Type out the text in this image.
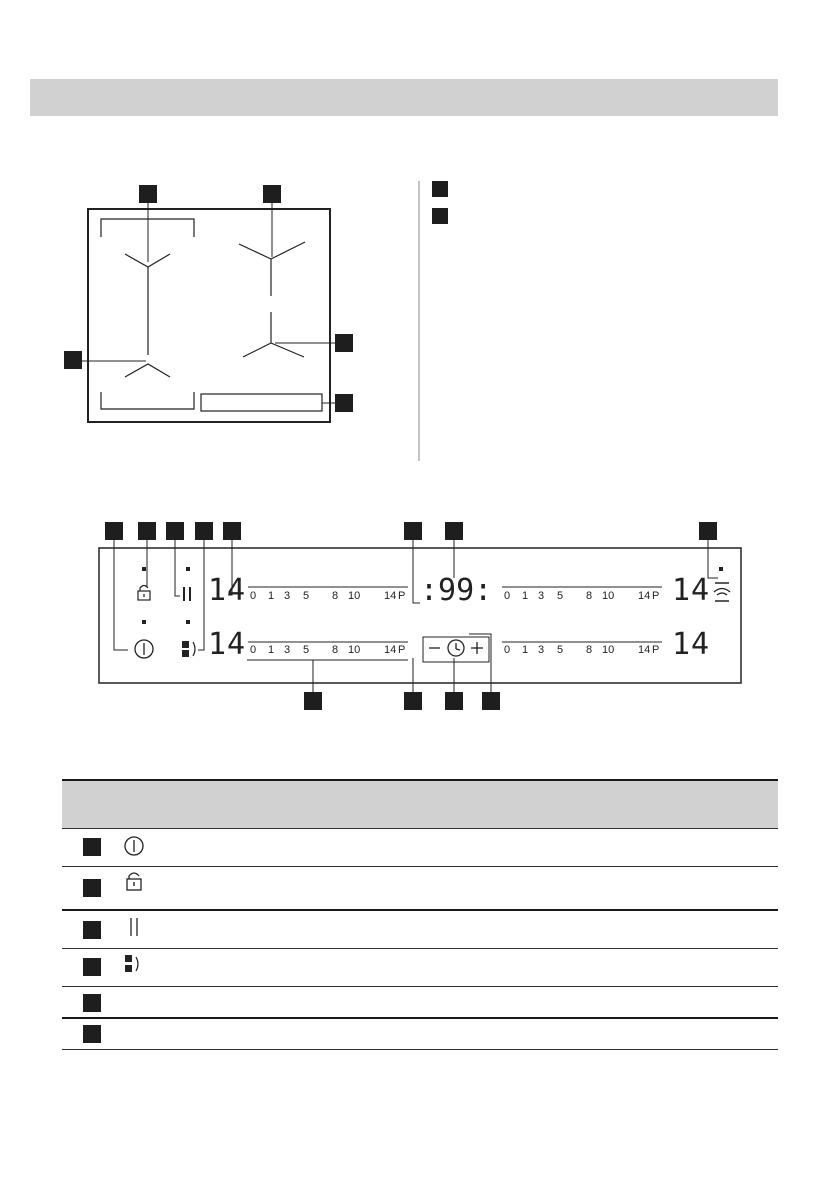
14
14
14
14
:99:
0 1 3 5 8 10 14 P	0 1 3 5 8 10 14 P
0 1 3 5 8 10 14 P	0 1 3 5 8 10 14 P
